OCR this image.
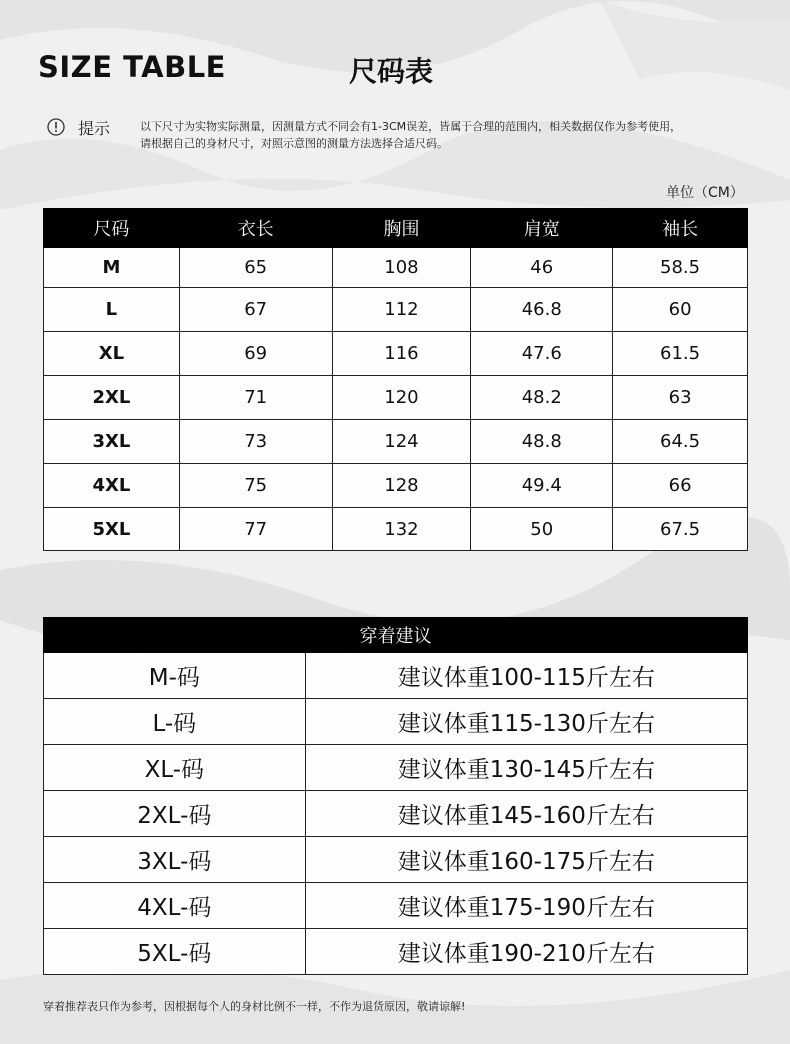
SIZE TABLE	尺码表
提示	以下尺寸为实物实际测量，因测量方式不同会有1-3CM误差，皆属于合理的范围内，相关数据仅作为参考使用，
请根据自己的身材尺寸，对照示意图的测量方法选择合适尺码。
单位（CM）
尺码	衣长	胸围	肩宽	袖长
M	65	108	46	58.5
L	67	112	46.8	60
XL	69	116	47.6	61.5
2XL	71	120	48.2	63
3XL	73	124	48.8	64.5
4XL	75	128	49.4	66
5XL	77	132	50	67.5
穿着建议	
M-码	建议体重100-115斤左右
L-码	建议体重115-130斤左右
XL-码	建议体重130-145斤左右
2XL-码	建议体重145-160斤左右
3XL-码	建议体重160-175斤左右
4XL-码	建议体重175-190斤左右
5XL-码	建议体重190-210斤左右
穿着推荐表只作为参考，因根据每个人的身材比例不一样，不作为退货原因，敬请谅解!
